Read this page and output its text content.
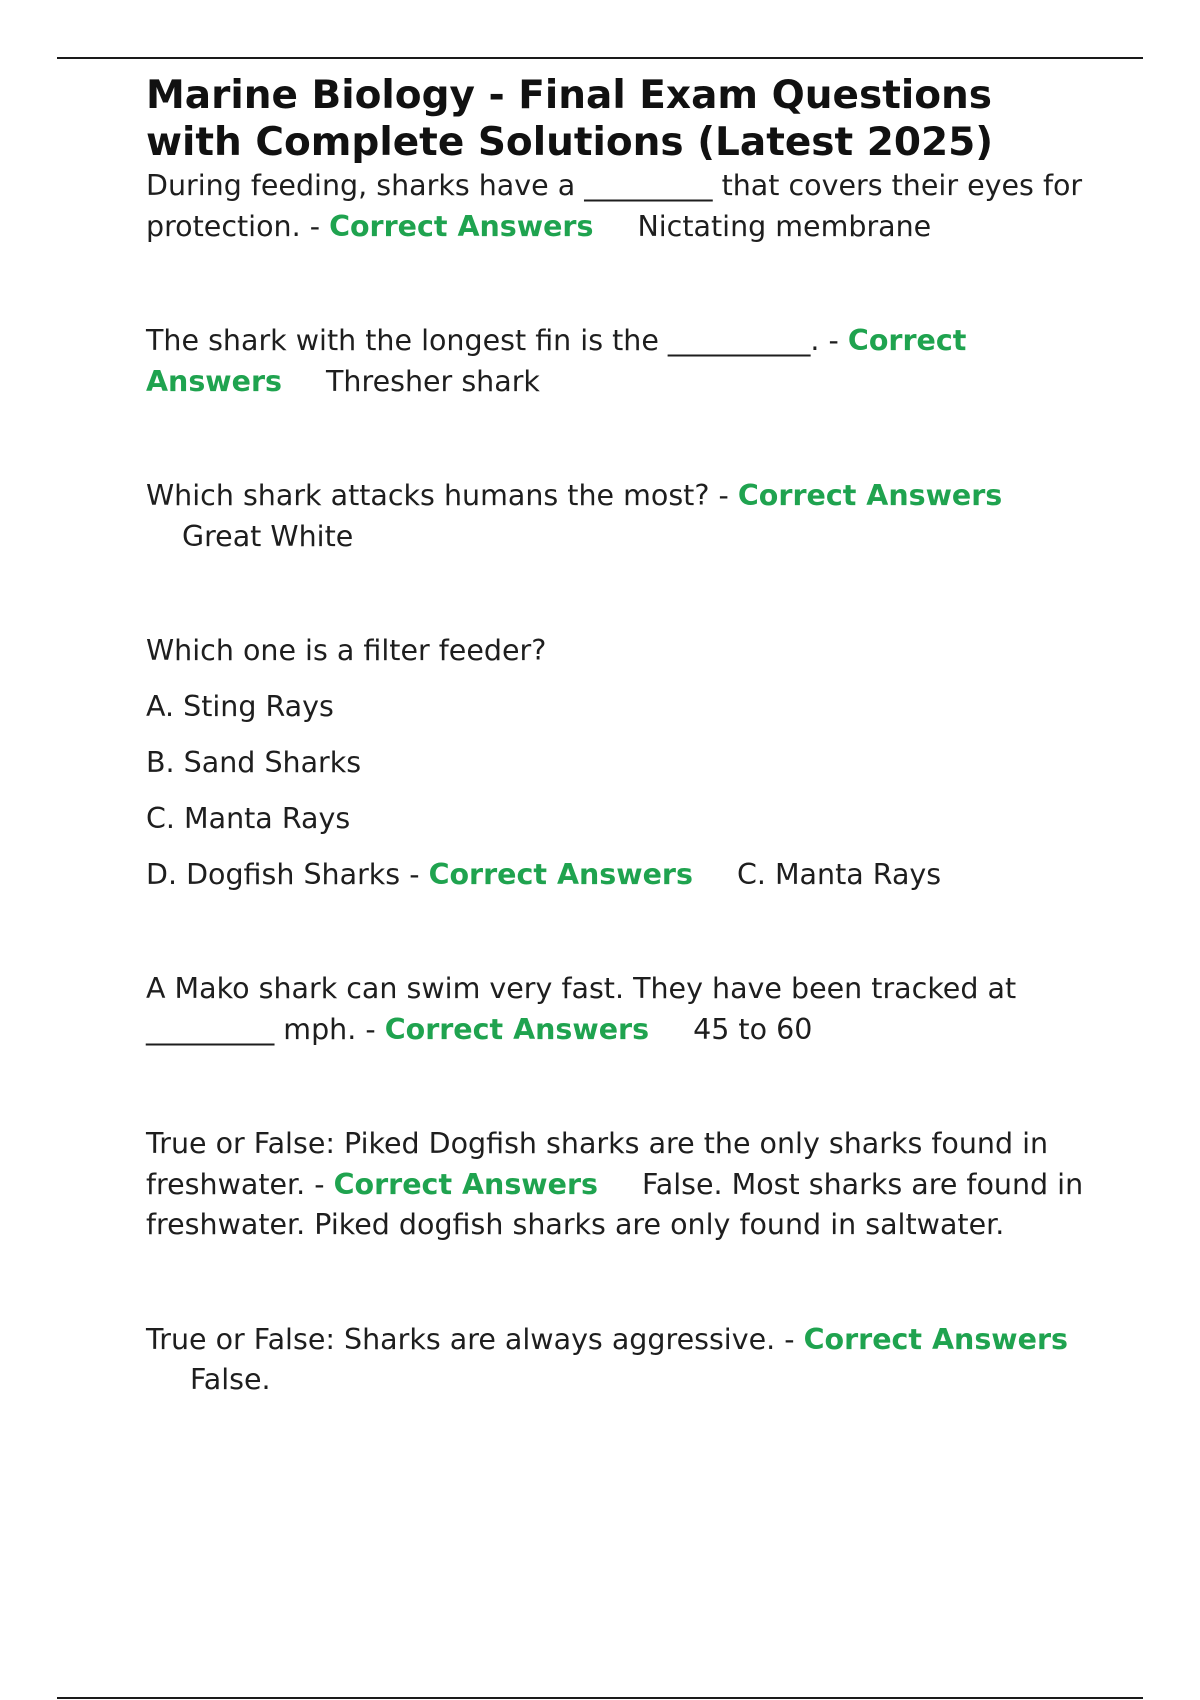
Marine Biology - Final Exam Questions
with Complete Solutions (Latest 2025)

During feeding, sharks have a _________ that covers their eyes for protection. - Correct Answers Nictating membrane

The shark with the longest fin is the __________. - Correct Answers Thresher shark

Which shark attacks humans the most? - Correct Answers
Great White

Which one is a filter feeder?

A. Sting Rays

B. Sand Sharks

C. Manta Rays

D. Dogfish Sharks - Correct Answers C. Manta Rays

A Mako shark can swim very fast. They have been tracked at _________ mph. - Correct Answers 45 to 60

True or False: Piked Dogfish sharks are the only sharks found in freshwater. - Correct Answers False. Most sharks are found in freshwater. Piked dogfish sharks are only found in saltwater.

True or False: Sharks are always aggressive. - Correct AnswersFalse.
